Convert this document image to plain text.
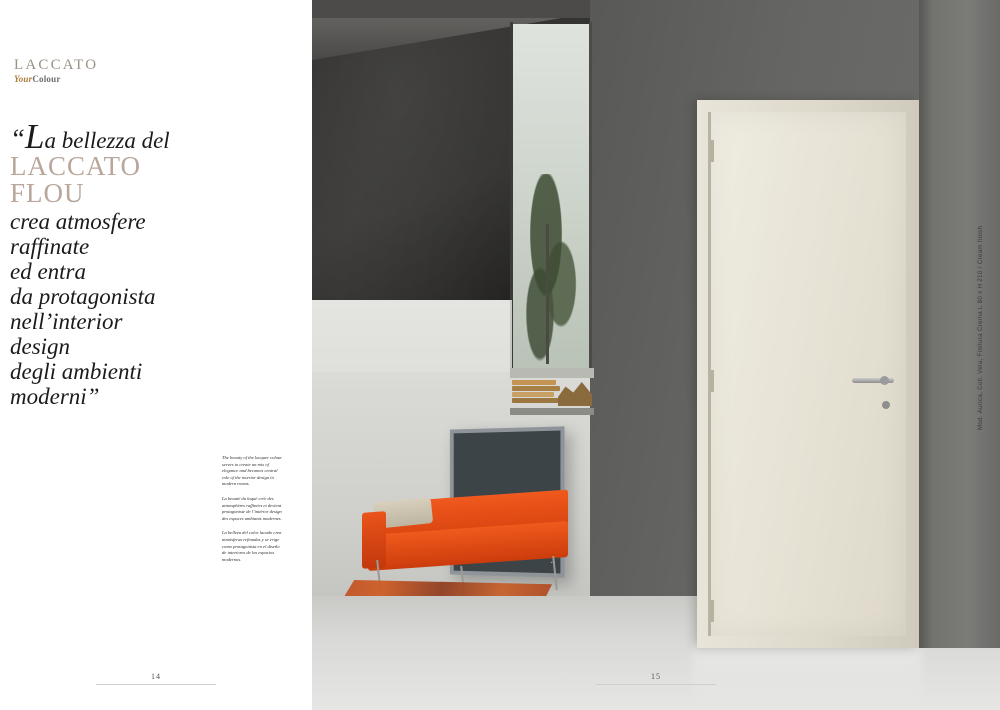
LACCATO
YourColour
“La bellezza del
LACCATO
FLOU
crea atmosfere
raffinate
ed entra
da protagonista
nell’interior
design
degli ambienti
moderni”

The beauty of the lacquer colour serves to create an mix of elegance and becomes central role of the interior design in modern rooms.

La beauté du laqué crée des atmosphères raffinées et devient protagoniste de l’intérior design des espaces ambiants modernes.

La belleza del color lacado crea atmósferas refinadas y se erige como protagonista en el diseño de interiores de los espacios modernos.

14	15
Mod. Aurica, Coll. Vela, Finitura Crema L 80 x H 210 / Cream finish
